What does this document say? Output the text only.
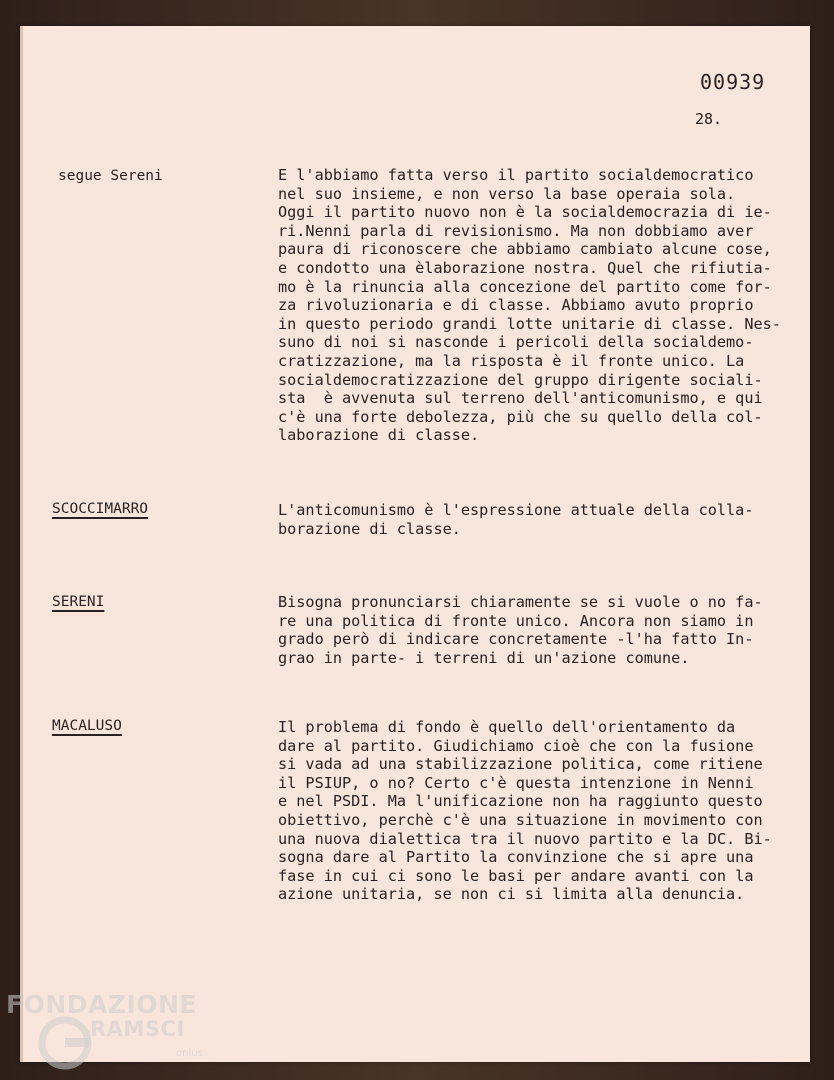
00939
28.
segue Sereni	E l'abbiamo fatta verso il partito socialdemocratico
nel suo insieme, e non verso la base operaia sola.
Oggi il partito nuovo non è la socialdemocrazia di ie-
ri.Nenni parla di revisionismo. Ma non dobbiamo aver
paura di riconoscere che abbiamo cambiato alcune cose,
e condotto una èlaborazione nostra. Quel che rifiutia-
mo è la rinuncia alla concezione del partito come for-
za rivoluzionaria e di classe. Abbiamo avuto proprio
in questo periodo grandi lotte unitarie di classe. Nes-
suno di noi si nasconde i pericoli della socialdemo-
cratizzazione, ma la risposta è il fronte unico. La
socialdemocratizzazione del gruppo dirigente sociali-
sta  è avvenuta sul terreno dell'anticomunismo, e qui
c'è una forte debolezza, più che su quello della col-
laborazione di classe.
SCOCCIMARRO	L'anticomunismo è l'espressione attuale della colla-
borazione di classe.
SERENI	Bisogna pronunciarsi chiaramente se si vuole o no fa-
re una politica di fronte unico. Ancora non siamo in
grado però di indicare concretamente -l'ha fatto In-
grao in parte- i terreni di un'azione comune.
MACALUSO	Il problema di fondo è quello dell'orientamento da
dare al partito. Giudichiamo cioè che con la fusione
si vada ad una stabilizzazione politica, come ritiene
il PSIUP, o no? Certo c'è questa intenzione in Nenni
e nel PSDI. Ma l'unificazione non ha raggiunto questo
obiettivo, perchè c'è una situazione in movimento con
una nuova dialettica tra il nuovo partito e la DC. Bi-
sogna dare al Partito la convinzione che si apre una
fase in cui ci sono le basi per andare avanti con la
azione unitaria, se non ci si limita alla denuncia.
FONDAZIONE
RAMSCI
onlus
